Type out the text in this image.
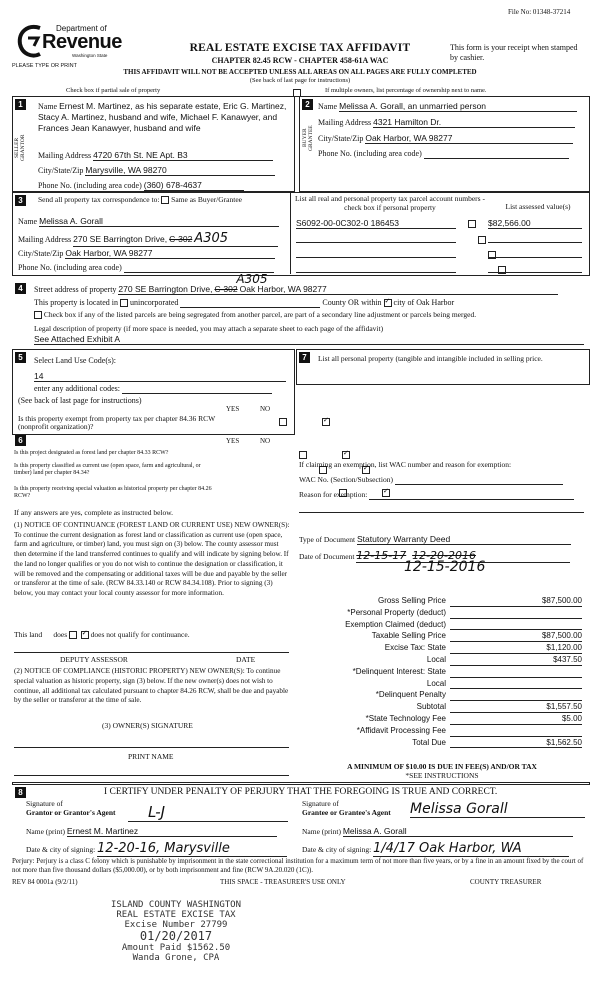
File No: 01348-37214
Department of
Revenue
Washington State
PLEASE TYPE OR PRINT
REAL ESTATE EXCISE TAX AFFIDAVIT
CHAPTER 82.45 RCW - CHAPTER 458-61A WAC
This form is your receipt when stamped by cashier.
THIS AFFIDAVIT WILL NOT BE ACCEPTED UNLESS ALL AREAS ON ALL PAGES ARE FULLY COMPLETED
(See back of last page for instructions)
Check box if partial sale of property
	If multiple owners, list percentage of ownership next to name.
1
SELLER GRANTOR
Name Ernest M. Martinez, as his separate estate, Eric G. Martinez, Stacy A. Martinez, husband and wife, Michael F. Kanawyer, and Frances Jean Kanawyer, husband and wife
Mailing Address 4720 67th St. NE Apt. B3
City/State/Zip Marysville, WA 98270
Phone No. (including area code) (360) 678-4637
2
BUYER GRANTEE
Name Melissa A. Gorall, an unmarried person
Mailing Address 4321 Hamilton Dr.
City/State/Zip Oak Harbor, WA 98277
Phone No. (including area code)
3	Send all property tax correspondence to: Same as Buyer/Grantee
Name Melissa A. Gorall
Mailing Address 270 SE Barrington Drive, C-302 A305
City/State/Zip Oak Harbor, WA 98277
Phone No. (including area code)
List all real and personal property tax parcel account numbers - check box if personal property	List assessed value(s)
S6092-00-0C302-0 186453
	$82,566.00

4	Street address of property 270 SE Barrington Drive, C-302
A305
Oak Harbor, WA 98277
This property is located in unincorporated	County OR within ✓ city of Oak Harbor
Check box if any of the listed parcels are being segregated from another parcel, are part of a secondary line adjustment or parcels being merged.
Legal description of property (if more space is needed, you may attach a separate sheet to each page of the affidavit)
See Attached Exhibit A
5	Select Land Use Code(s):
14
enter any additional codes:
(See back of last page for instructions)
YES	NO
Is this property exempt from property tax per chapter 84.36 RCW (nonprofit organization)?
✓
6	YES	NO
Is this project designated as forest land per chapter 84.33 RCW?
✓
Is this property classified as current use (open space, farm and agricultural, or timber) land per chapter 84.34?
✓
Is this property receiving special valuation as historical property per chapter 84.26 RCW?
✓
If any answers are yes, complete as instructed below.
(1) NOTICE OF CONTINUANCE (FOREST LAND OR CURRENT USE) NEW OWNER(S): To continue the current designation as forest land or classification as current use (open space, farm and agriculture, or timber) land, you must sign on (3) below. The county assessor must then determine if the land transferred continues to qualify and will indicate by signing below. If the land no longer qualifies or you do not wish to continue the designation or classification, it will be removed and the compensating or additional taxes will be due and payable by the seller or transferor at the time of sale. (RCW 84.33.140 or RCW 84.34.108). Prior to signing (3) below, you may contact your local county assessor for more information.
This land does ✓	does not qualify for continuance.
DEPUTY ASSESSOR	DATE
(2) NOTICE OF COMPLIANCE (HISTORIC PROPERTY) NEW OWNER(S): To continue special valuation as historic property, sign (3) below. If the new owner(s) does not wish to continue, all additional tax calculated pursuant to chapter 84.26 RCW, shall be due and payable by the seller or transferor at the time of sale.
(3) OWNER(S) SIGNATURE
PRINT NAME
7	List all personal property (tangible and intangible included in selling price.
If claiming an exemption, list WAC number and reason for exemption:
WAC No. (Section/Subsection)
Reason for exemption:
Type of Document Statutory Warranty Deed
Date of Document 12-15-17 12-20-2016
12-15-2016
Gross Selling Price	$87,500.00
*Personal Property (deduct)
Exemption Claimed (deduct)
Taxable Selling Price	$87,500.00
Excise Tax: State	$1,120.00
Local	$437.50
*Delinquent Interest: State
Local
*Delinquent Penalty
Subtotal	$1,557.50
*State Technology Fee	$5.00
*Affidavit Processing Fee
Total Due	$1,562.50
A MINIMUM OF $10.00 IS DUE IN FEE(S) AND/OR TAX
*SEE INSTRUCTIONS
8	I CERTIFY UNDER PENALTY OF PERJURY THAT THE FOREGOING IS TRUE AND CORRECT.
Signature of
Grantor or Grantor's Agent	L-J
Name (print) Ernest M. Martinez
Date & city of signing: 12-20-16, Marysville
Signature of
Grantee or Grantee's Agent Melissa Gorall
Name (print) Melissa A. Gorall
Date & city of signing: 1/4/17 Oak Harbor, WA
Perjury: Perjury is a class C felony which is punishable by imprisonment in the state correctional institution for a maximum term of not more than five years, or by a fine in an amount fixed by the court of not more than five thousand dollars ($5,000.00), or by both imprisonment and fine (RCW 9A.20.020 (1C)).
REV 84 0001a (9/2/11)	THIS SPACE - TREASURER'S USE ONLY	COUNTY TREASURER
ISLAND COUNTY WASHINGTON
REAL ESTATE EXCISE TAX
Excise Number 27799
01/20/2017
Amount Paid $1562.50
Wanda Grone, CPA
